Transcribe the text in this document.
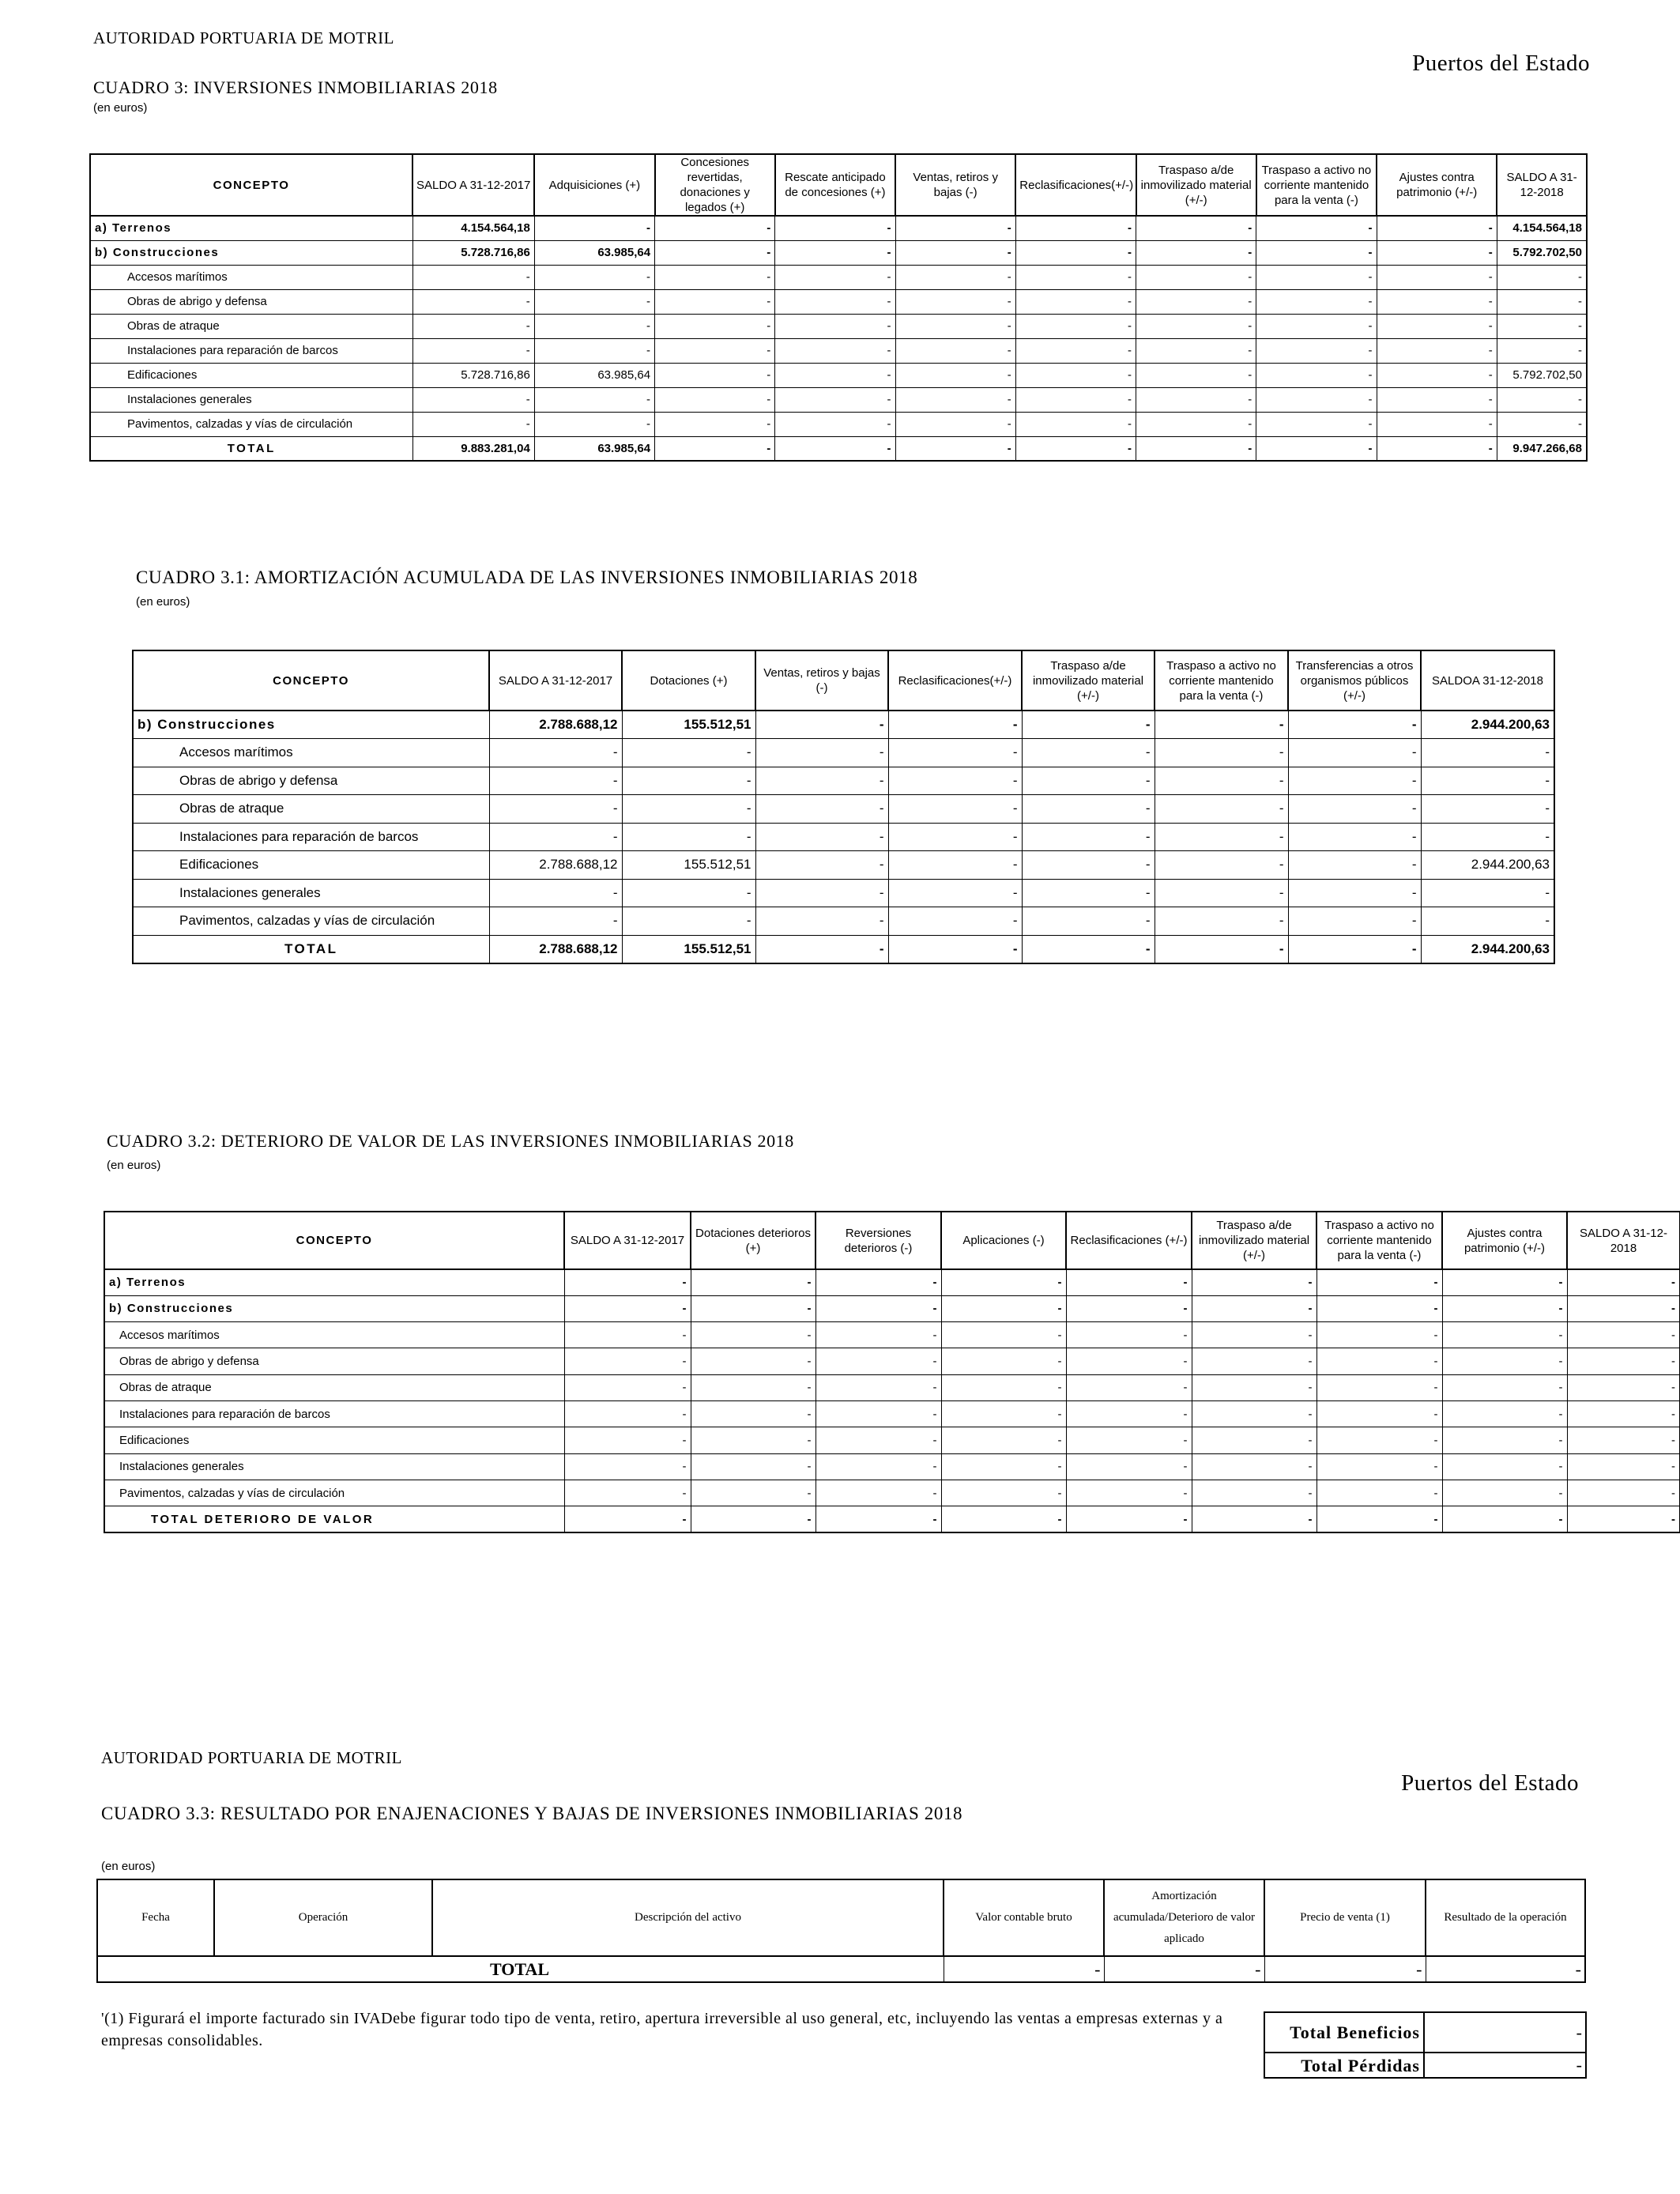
AUTORIDAD PORTUARIA DE MOTRIL
Puertos del Estado
CUADRO 3: INVERSIONES INMOBILIARIAS 2018
(en euros)
CONCEPTO	SALDO A 31-12-2017	Adquisiciones (+)	Concesiones revertidas, donaciones y legados (+)	Rescate anticipado de concesiones (+)	Ventas, retiros y bajas (-)	Reclasificaciones(+/-)	Traspaso a/de inmovilizado material (+/-)	Traspaso a activo no corriente mantenido para la venta (-)	Ajustes contra patrimonio (+/-)	SALDO A 31-12-2018
a) Terrenos	4.154.564,18	-	-	-	-	-	-	-	-	4.154.564,18
b) Construcciones	5.728.716,86	63.985,64	-	-	-	-	-	-	-	5.792.702,50
Accesos marítimos	-	-	-	-	-	-	-	-	-	-
Obras de abrigo y defensa	-	-	-	-	-	-	-	-	-	-
Obras de atraque	-	-	-	-	-	-	-	-	-	-
Instalaciones para reparación de barcos	-	-	-	-	-	-	-	-	-	-
Edificaciones	5.728.716,86	63.985,64	-	-	-	-	-	-	-	5.792.702,50
Instalaciones generales	-	-	-	-	-	-	-	-	-	-
Pavimentos, calzadas y vías de circulación	-	-	-	-	-	-	-	-	-	-
TOTAL	9.883.281,04	63.985,64	-	-	-	-	-	-	-	9.947.266,68
CUADRO 3.1: AMORTIZACIÓN ACUMULADA DE LAS INVERSIONES INMOBILIARIAS 2018
(en euros)
CONCEPTO	SALDO A 31-12-2017	Dotaciones (+)	Ventas, retiros y bajas (-)	Reclasificaciones(+/-)	Traspaso a/de inmovilizado material (+/-)	Traspaso a activo no corriente mantenido para la venta (-)	Transferencias a otros organismos públicos (+/-)	SALDOA 31-12-2018
b) Construcciones	2.788.688,12	155.512,51	-	-	-	-	-	2.944.200,63
Accesos marítimos	-	-	-	-	-	-	-	-
Obras de abrigo y defensa	-	-	-	-	-	-	-	-
Obras de atraque	-	-	-	-	-	-	-	-
Instalaciones para reparación de barcos	-	-	-	-	-	-	-	-
Edificaciones	2.788.688,12	155.512,51	-	-	-	-	-	2.944.200,63
Instalaciones generales	-	-	-	-	-	-	-	-
Pavimentos, calzadas y vías de circulación	-	-	-	-	-	-	-	-
TOTAL	2.788.688,12	155.512,51	-	-	-	-	-	2.944.200,63
CUADRO 3.2: DETERIORO DE VALOR DE LAS INVERSIONES INMOBILIARIAS 2018
(en euros)
CONCEPTO	SALDO A 31-12-2017	Dotaciones deterioros (+)	Reversiones deterioros (-)	Aplicaciones (-)	Reclasificaciones (+/-)	Traspaso a/de inmovilizado material (+/-)	Traspaso a activo no corriente mantenido para la venta (-)	Ajustes contra patrimonio (+/-)	SALDO A 31-12-2018
a) Terrenos	-	-	-	-	-	-	-	-	-
b) Construcciones	-	-	-	-	-	-	-	-	-
Accesos marítimos	-	-	-	-	-	-	-	-	-
Obras de abrigo y defensa	-	-	-	-	-	-	-	-	-
Obras de atraque	-	-	-	-	-	-	-	-	-
Instalaciones para reparación de barcos	-	-	-	-	-	-	-	-	-
Edificaciones	-	-	-	-	-	-	-	-	-
Instalaciones generales	-	-	-	-	-	-	-	-	-
Pavimentos, calzadas y vías de circulación	-	-	-	-	-	-	-	-	-
TOTAL DETERIORO DE VALOR	-	-	-	-	-	-	-	-	-
AUTORIDAD PORTUARIA DE MOTRIL
Puertos del Estado
CUADRO 3.3: RESULTADO POR ENAJENACIONES Y BAJAS DE INVERSIONES INMOBILIARIAS 2018
(en euros)
Fecha	Operación	Descripción del activo	Valor contable bruto	Amortización acumulada/Deterioro de valor aplicado	Precio de venta (1)	Resultado de la operación
TOTAL			-	-	-	-
'(1) Figurará el importe facturado sin IVADebe figurar todo tipo de venta, retiro, apertura irreversible al uso general, etc, incluyendo las ventas a empresas externas y a empresas consolidables.	Total Beneficios	-
Total Pérdidas	-
